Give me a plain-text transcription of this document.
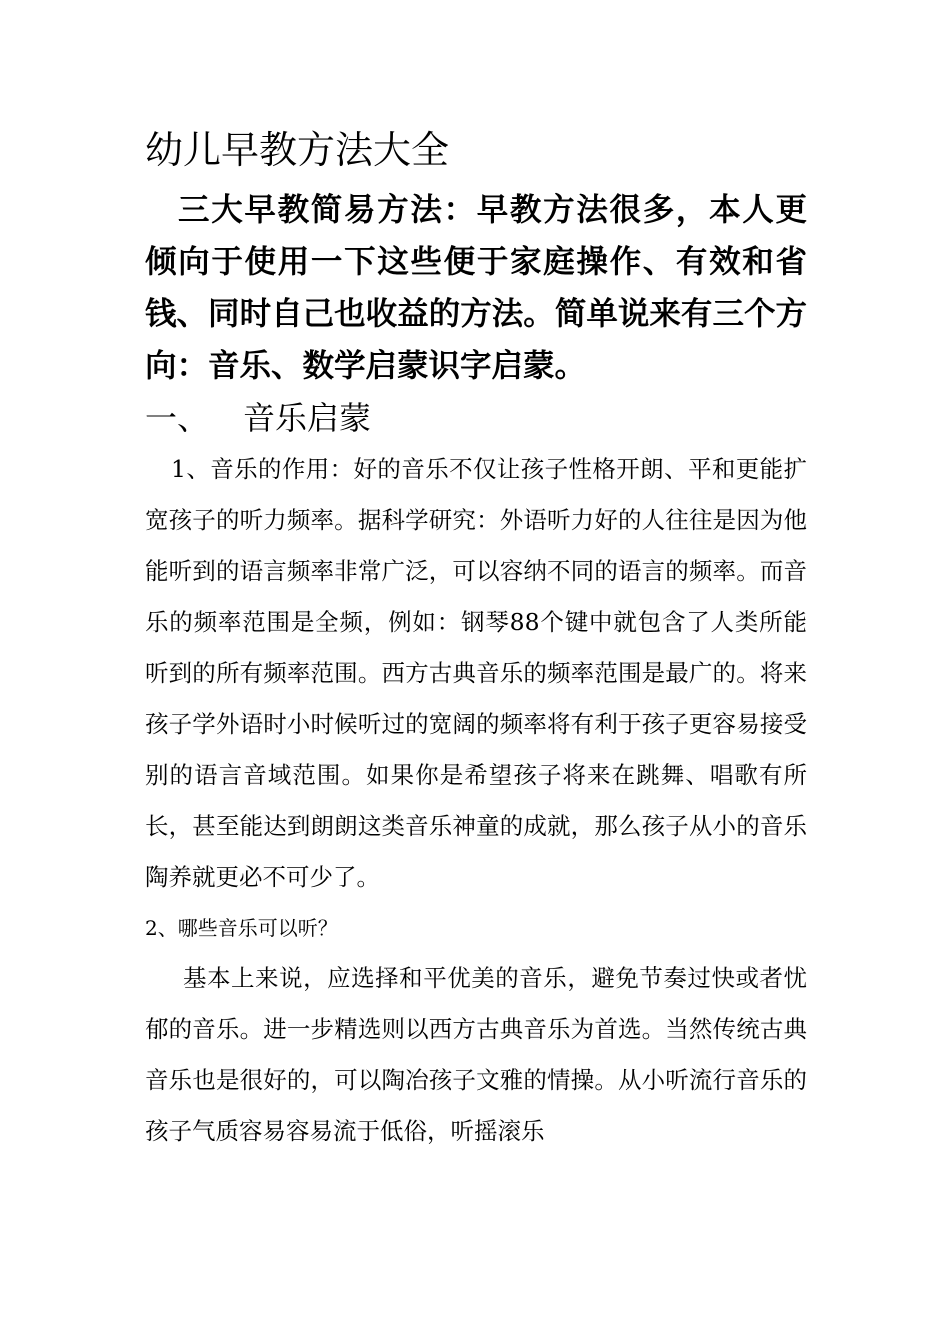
幼儿早教方法大全

三大早教简易方法：早教方法很多，本人更倾向于使用一下这些便于家庭操作、有效和省钱、同时自己也收益的方法。简单说来有三个方向：音乐、数学启蒙识字启蒙。

一、 音乐启蒙

1、音乐的作用：好的音乐不仅让孩子性格开朗、平和更能扩宽孩子的听力频率。据科学研究：外语听力好的人往往是因为他能听到的语言频率非常广泛，可以容纳不同的语言的频率。而音乐的频率范围是全频，例如：钢琴88个键中就包含了人类所能听到的所有频率范围。西方古典音乐的频率范围是最广的。将来孩子学外语时小时候听过的宽阔的频率将有利于孩子更容易接受别的语言音域范围。如果你是希望孩子将来在跳舞、唱歌有所长，甚至能达到朗朗这类音乐神童的成就，那么孩子从小的音乐陶养就更必不可少了。

2、哪些音乐可以听？

基本上来说，应选择和平优美的音乐，避免节奏过快或者忧郁的音乐。进一步精选则以西方古典音乐为首选。当然传统古典音乐也是很好的，可以陶冶孩子文雅的情操。从小听流行音乐的孩子气质容易容易流于低俗，听摇滚乐
